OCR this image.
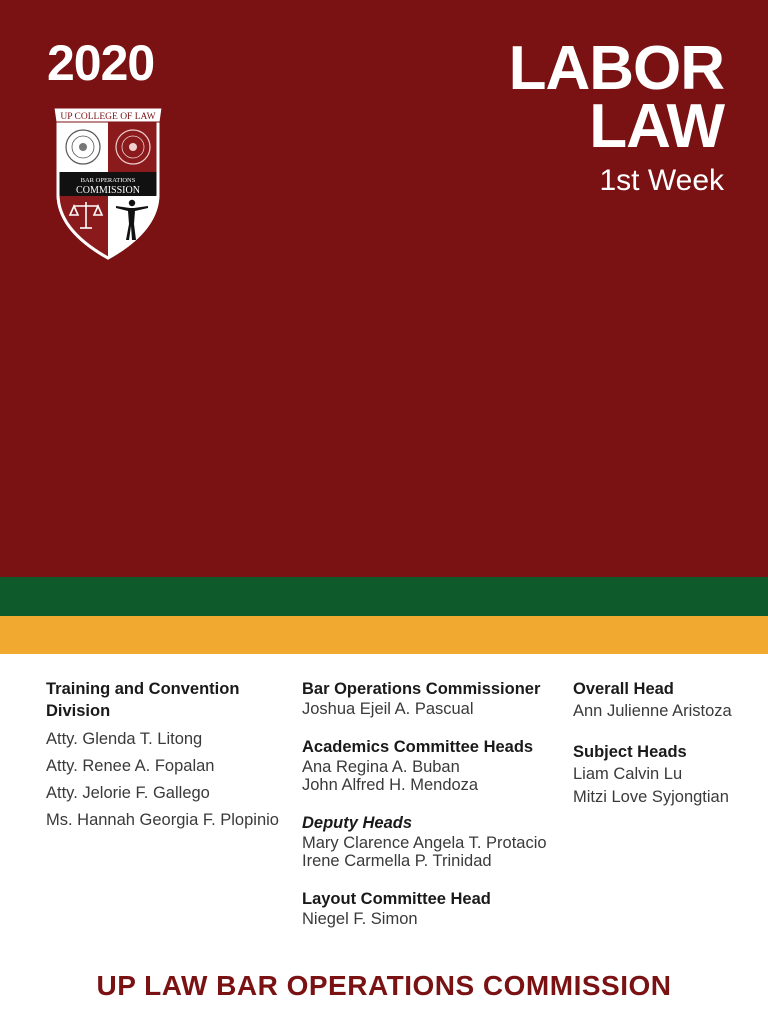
2020	LABOR
LAW
1st Week
UP COLLEGE OF LAW
BAR OPERATIONS
COMMISSION

Training and Convention
Division

Atty. Glenda T. Litong

Atty. Renee A. Fopalan

Atty. Jelorie F. Gallego

Ms. Hannah Georgia F. Plopinio

Bar Operations Commissioner

Joshua Ejeil A. Pascual

Academics Committee Heads

Ana Regina A. Buban

John Alfred H. Mendoza

Deputy Heads

Mary Clarence Angela T. Protacio

Irene Carmella P. Trinidad

Layout Committee Head

Niegel F. Simon

Overall Head

Ann Julienne Aristoza

Subject Heads

Liam Calvin Lu

Mitzi Love Syjongtian

UP LAW BAR OPERATIONS COMMISSION
